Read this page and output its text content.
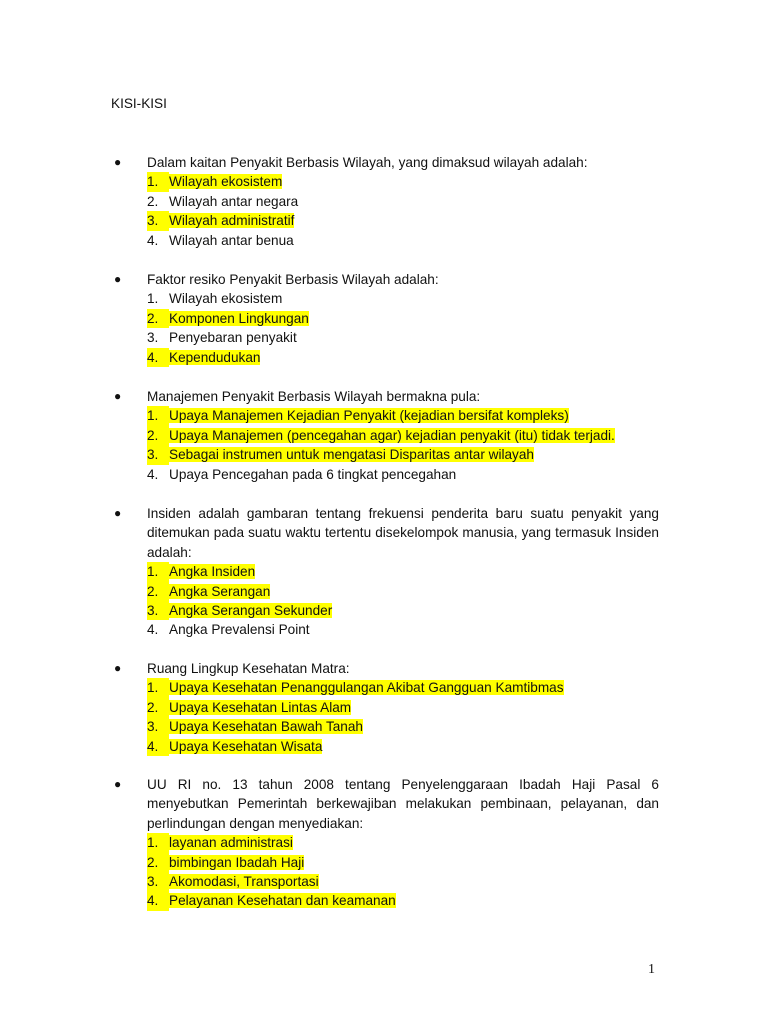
KISI-KISI
● Dalam kaitan Penyakit Berbasis Wilayah, yang dimaksud wilayah adalah:
1. Wilayah ekosistem
2. Wilayah antar negara
3. Wilayah administratif
4. Wilayah antar benua
● Faktor resiko Penyakit Berbasis Wilayah adalah:
1. Wilayah ekosistem
2. Komponen Lingkungan
3. Penyebaran penyakit
4. Kependudukan
● Manajemen Penyakit Berbasis Wilayah bermakna pula:
1. Upaya Manajemen Kejadian Penyakit (kejadian bersifat kompleks)
2. Upaya Manajemen (pencegahan agar) kejadian penyakit (itu) tidak terjadi.
3. Sebagai instrumen untuk mengatasi Disparitas antar wilayah
4. Upaya Pencegahan pada 6 tingkat pencegahan
● Insiden adalah gambaran tentang frekuensi penderita baru suatu penyakit yang ditemukan pada suatu waktu tertentu disekelompok manusia, yang termasuk Insiden adalah:
1. Angka Insiden
2. Angka Serangan
3. Angka Serangan Sekunder
4. Angka Prevalensi Point
● Ruang Lingkup Kesehatan Matra:
1. Upaya Kesehatan Penanggulangan Akibat Gangguan Kamtibmas
2. Upaya Kesehatan Lintas Alam
3. Upaya Kesehatan Bawah Tanah
4. Upaya Kesehatan Wisata
● UU RI no. 13 tahun 2008 tentang Penyelenggaraan Ibadah Haji Pasal 6 menyebutkan Pemerintah berkewajiban melakukan pembinaan, pelayanan, dan perlindungan dengan menyediakan:
1. layanan administrasi
2. bimbingan Ibadah Haji
3. Akomodasi, Transportasi
4. Pelayanan Kesehatan dan keamanan
1
